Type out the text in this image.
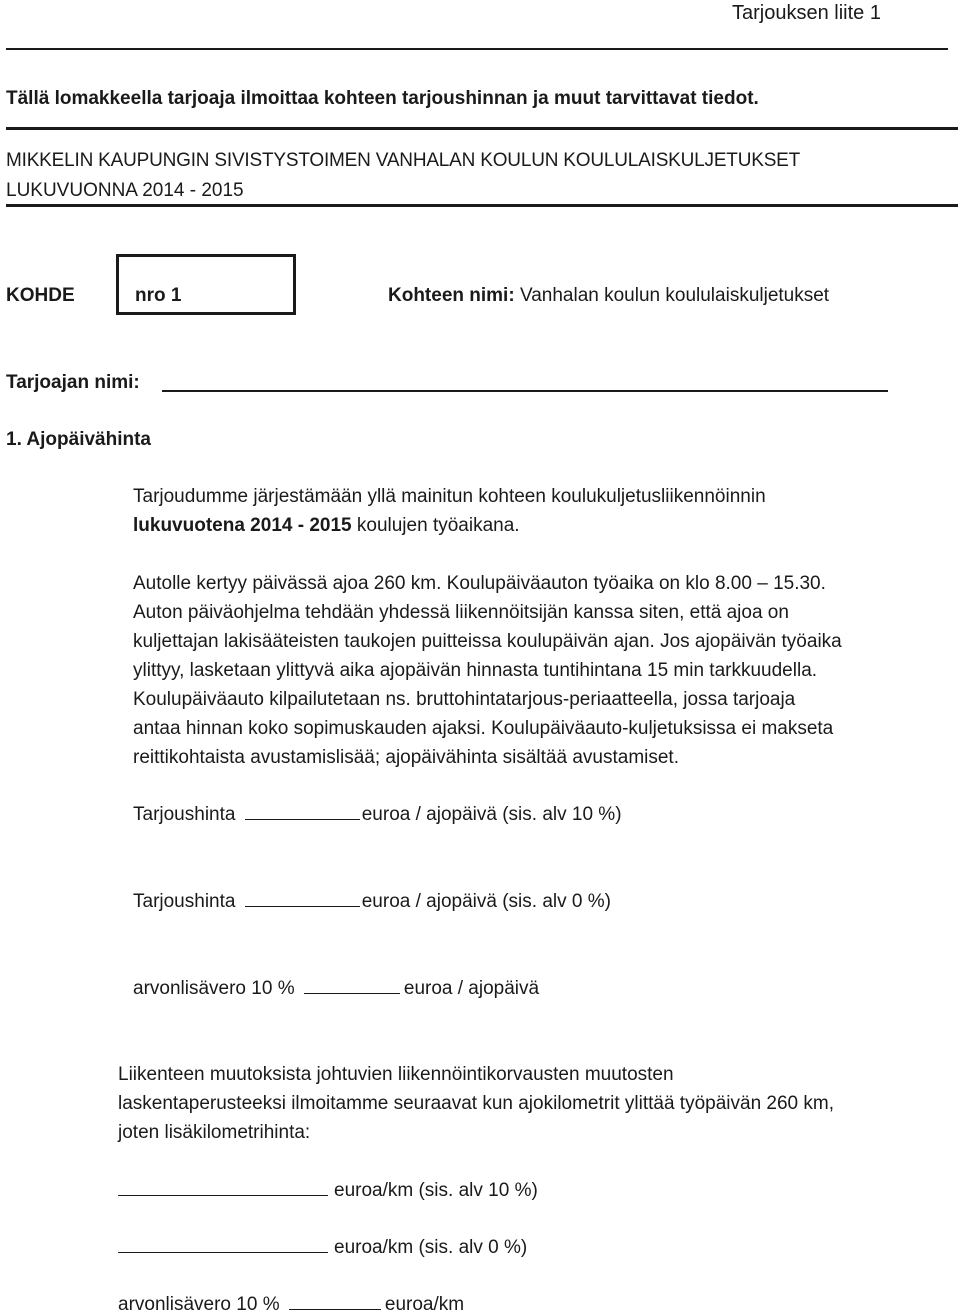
Tarjouksen liite 1
Tällä lomakkeella tarjoaja ilmoittaa kohteen tarjoushinnan ja muut tarvittavat tiedot.
MIKKELIN KAUPUNGIN SIVISTYSTOIMEN VANHALAN KOULUN KOULULAISKULJETUKSET
LUKUVUONNA 2014 - 2015
KOHDE	nro 1	Kohteen nimi: Vanhalan koulun koululaiskuljetukset
Tarjoajan nimi:
1. Ajopäivähinta
Tarjoudumme järjestämään yllä mainitun kohteen koulukuljetusliikennöinnin
lukuvuotena 2014 - 2015 koulujen työaikana.
Autolle kertyy päivässä ajoa 260 km. Koulupäiväauton työaika on klo 8.00 – 15.30.
Auton päiväohjelma tehdään yhdessä liikennöitsijän kanssa siten, että ajoa on
kuljettajan lakisääteisten taukojen puitteissa koulupäivän ajan. Jos ajopäivän työaika
ylittyy, lasketaan ylittyvä aika ajopäivän hinnasta tuntihintana 15 min tarkkuudella.
Koulupäiväauto kilpailutetaan ns. bruttohintatarjous-periaatteella, jossa tarjoaja
antaa hinnan koko sopimuskauden ajaksi. Koulupäiväauto-kuljetuksissa ei makseta
reittikohtaista avustamislisää; ajopäivähinta sisältää avustamiset.
Tarjoushinta	euroa / ajopäivä (sis. alv 10 %)
Tarjoushinta	euroa / ajopäivä (sis. alv 0 %)
arvonlisävero 10 %	euroa / ajopäivä
Liikenteen muutoksista johtuvien liikennöintikorvausten muutosten
laskentaperusteeksi ilmoitamme seuraavat kun ajokilometrit ylittää työpäivän 260 km,
joten lisäkilometrihinta:
euroa/km (sis. alv 10 %)
euroa/km (sis. alv 0 %)
arvonlisävero 10 %	euroa/km
